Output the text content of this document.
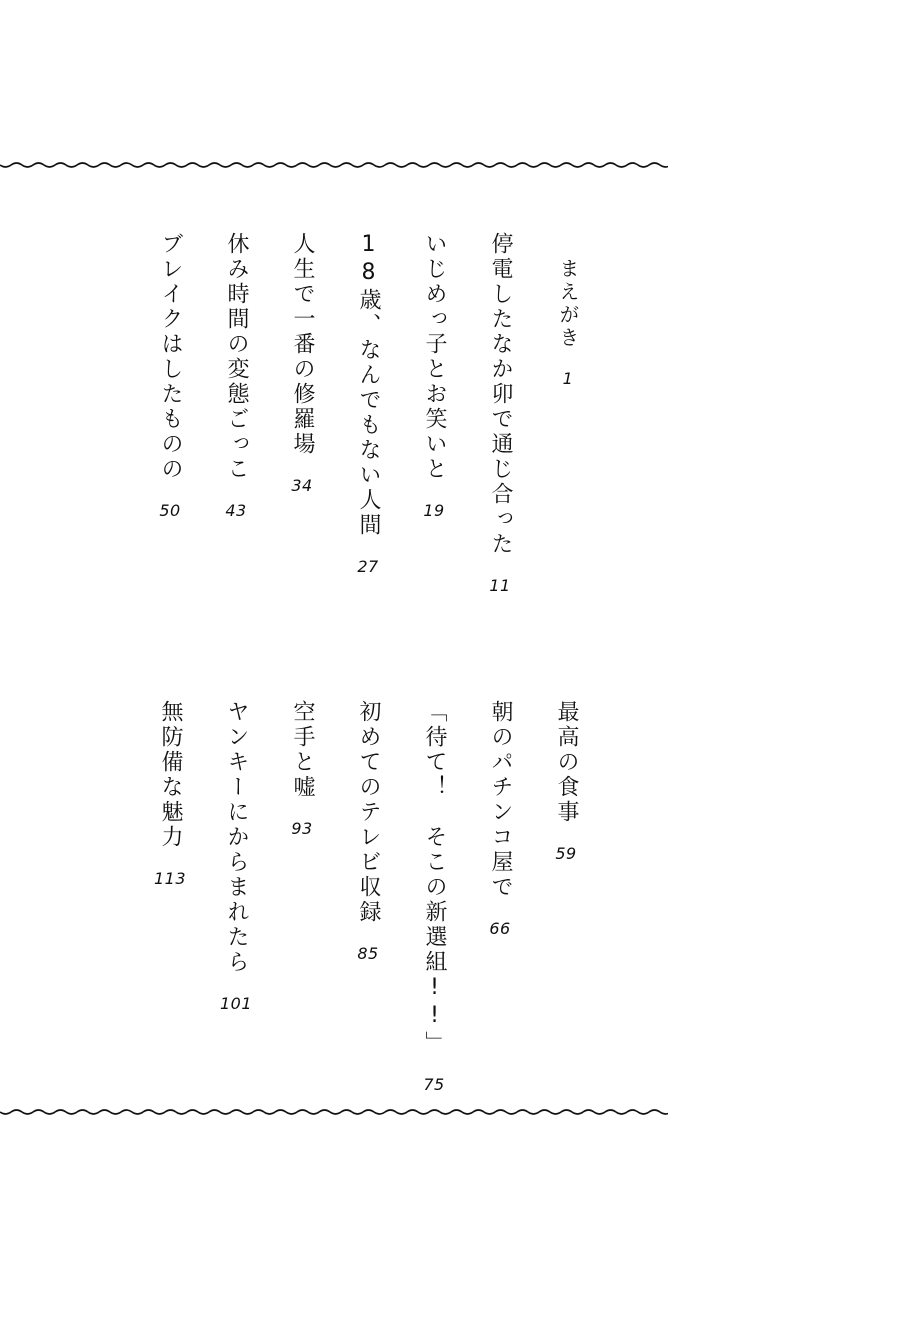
まえがき
1
停電したなか卯で通じ合った
11
いじめっ子とお笑いと
19
18歳、なんでもない人間
27
人生で一番の修羅場
34
休み時間の変態ごっこ
43
ブレイクはしたものの
50
最高の食事
59
朝のパチンコ屋で
66
「待て！　そこの新選組!!」
75
初めてのテレビ収録
85
空手と嘘
93
ヤンキーにからまれたら
101
無防備な魅力
113
